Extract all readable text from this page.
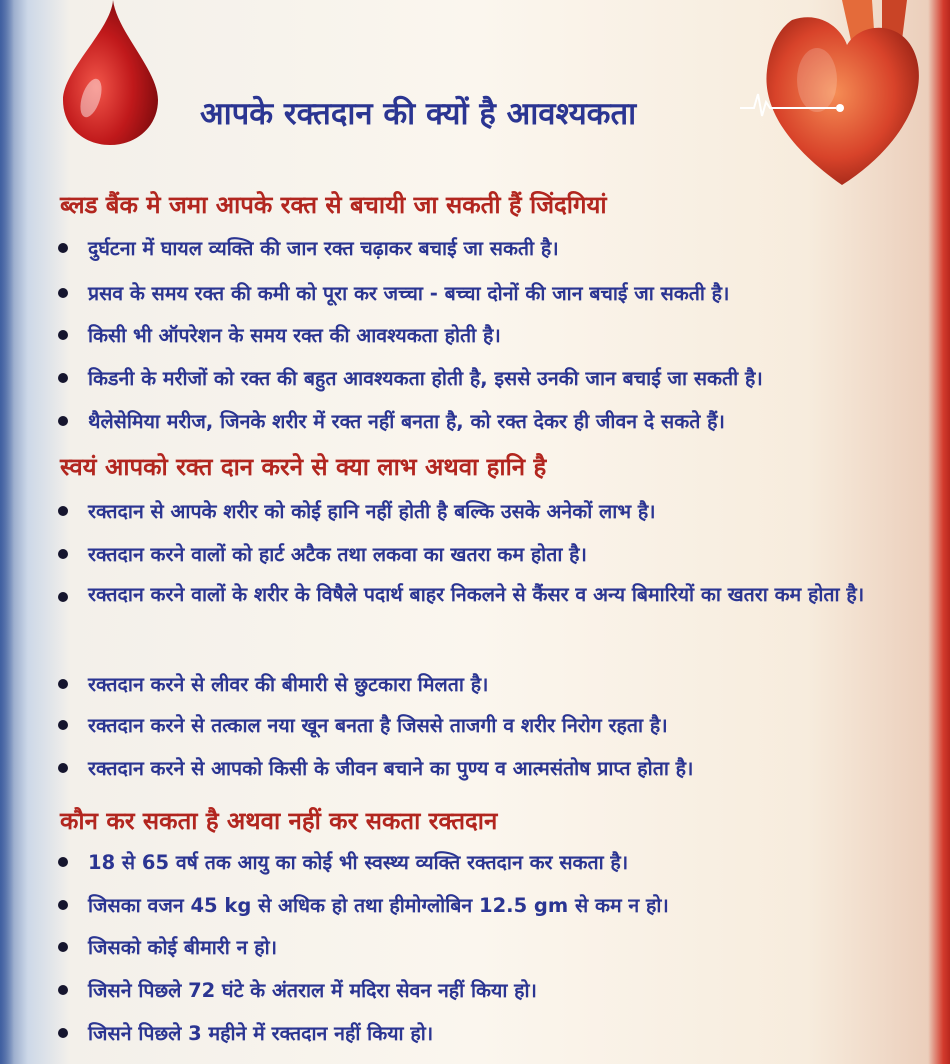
आपके रक्तदान की क्यों है आवश्यकता
ब्लड बैंक मे जमा आपके रक्त से बचायी जा सकती हैं जिंदगियां
दुर्घटना में घायल व्यक्ति की जान रक्त चढ़ाकर बचाई जा सकती है।
प्रसव के समय रक्त की कमी को पूरा कर जच्चा - बच्चा दोनों की जान बचाई जा सकती है।
किसी भी ऑपरेशन के समय रक्त की आवश्यकता होती है।
किडनी के मरीजों को रक्त की बहुत आवश्यकता होती है, इससे उनकी जान बचाई जा सकती है।
थैलेसेमिया मरीज, जिनके शरीर में रक्त नहीं बनता है, को रक्त देकर ही जीवन दे सकते हैं।
स्वयं आपको रक्त दान करने से क्या लाभ अथवा हानि है
रक्तदान से आपके शरीर को कोई हानि नहीं होती है बल्कि उसके अनेकों लाभ है।
रक्तदान करने वालों को हार्ट अटैक तथा लकवा का खतरा कम होता है।
रक्तदान करने वालों के शरीर के विषैले पदार्थ बाहर निकलने से कैंसर व अन्य बिमारियों का खतरा कम होता है।
रक्तदान करने से लीवर की बीमारी से छुटकारा मिलता है।
रक्तदान करने से तत्काल नया खून बनता है जिससे ताजगी व शरीर निरोग रहता है।
रक्तदान करने से आपको किसी के जीवन बचाने का पुण्य व आत्मसंतोष प्राप्त होता है।
कौन कर सकता है अथवा नहीं कर सकता रक्तदान
18 से 65 वर्ष तक आयु का कोई भी स्वस्थ्य व्यक्ति रक्तदान कर सकता है।
जिसका वजन 45 kg से अधिक हो तथा हीमोग्लोबिन 12.5 gm से कम न हो।
जिसको कोई बीमारी न हो।
जिसने पिछले 72 घंटे के अंतराल में मदिरा सेवन नहीं किया हो।
जिसने पिछले 3 महीने में रक्तदान नहीं किया हो।
